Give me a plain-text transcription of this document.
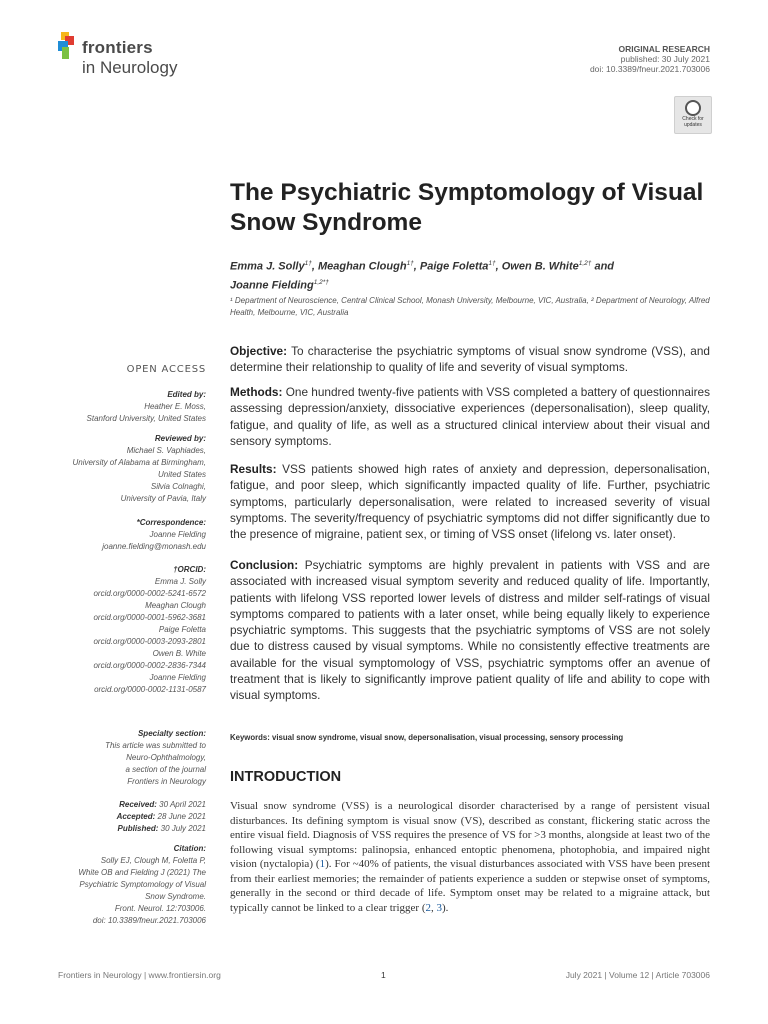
frontiers
in Neurology
ORIGINAL RESEARCH
published: 30 July 2021
doi: 10.3389/fneur.2021.703006
Check for
updates
The Psychiatric Symptomology of Visual Snow Syndrome
Emma J. Solly$^{1\dagger}$, Meaghan Clough$^{1\dagger}$, Paige Foletta$^{1\dagger}$, Owen B. White$^{1,2\dagger}$ and
Joanne Fielding$^{1,2*\dagger}$
¹ Department of Neuroscience, Central Clinical School, Monash University, Melbourne, VIC, Australia, ² Department of Neurology, Alfred Health, Melbourne, VIC, Australia
OPEN ACCESS
Edited by:
Heather E. Moss,
Stanford University, United States
Reviewed by:
Michael S. Vaphiades,
University of Alabama at Birmingham,
United States
Silvia Colnaghi,
University of Pavia, Italy
*Correspondence:
Joanne Fielding
joanne.fielding@monash.edu
†ORCID:
Emma J. Solly
orcid.org/0000-0002-5241-6572
Meaghan Clough
orcid.org/0000-0001-5962-3681
Paige Foletta
orcid.org/0000-0003-2093-2801
Owen B. White
orcid.org/0000-0002-2836-7344
Joanne Fielding
orcid.org/0000-0002-1131-0587
Specialty section:
This article was submitted to
Neuro-Ophthalmology,
a section of the journal
Frontiers in Neurology
Received: 30 April 2021
Accepted: 28 June 2021
Published: 30 July 2021
Citation:
Solly EJ, Clough M, Foletta P,
White OB and Fielding J (2021) The
Psychiatric Symptomology of Visual
Snow Syndrome.
Front. Neurol. 12:703006.
doi: 10.3389/fneur.2021.703006
Objective: To characterise the psychiatric symptoms of visual snow syndrome (VSS), and determine their relationship to quality of life and severity of visual symptoms.
Methods: One hundred twenty-five patients with VSS completed a battery of questionnaires assessing depression/anxiety, dissociative experiences (depersonalisation), sleep quality, fatigue, and quality of life, as well as a structured clinical interview about their visual and sensory symptoms.
Results: VSS patients showed high rates of anxiety and depression, depersonalisation, fatigue, and poor sleep, which significantly impacted quality of life. Further, psychiatric symptoms, particularly depersonalisation, were related to increased severity of visual symptoms. The severity/frequency of psychiatric symptoms did not differ significantly due to the presence of migraine, patient sex, or timing of VSS onset (lifelong vs. later onset).
Conclusion: Psychiatric symptoms are highly prevalent in patients with VSS and are associated with increased visual symptom severity and reduced quality of life. Importantly, patients with lifelong VSS reported lower levels of distress and milder self-ratings of visual symptoms compared to patients with a later onset, while being equally likely to experience psychiatric symptoms. This suggests that the psychiatric symptoms of VSS are not solely due to distress caused by visual symptoms. While no consistently effective treatments are available for the visual symptomology of VSS, psychiatric symptoms offer an avenue of treatment that is likely to significantly improve patient quality of life and ability to cope with visual symptoms.
Keywords: visual snow syndrome, visual snow, depersonalisation, visual processing, sensory processing
INTRODUCTION
Visual snow syndrome (VSS) is a neurological disorder characterised by a range of persistent visual disturbances. Its defining symptom is visual snow (VS), described as constant, flickering static across the entire visual field. Diagnosis of VSS requires the presence of VS for >3 months, alongside at least two of the following visual symptoms: palinopsia, enhanced entoptic phenomena, photophobia, and impaired night vision (nyctalopia) (1). For ~40% of patients, the visual disturbances associated with VSS have been present from their earliest memories; the remainder of patients experience a sudden or stepwise onset of symptoms, generally in the second or third decade of life. Symptom onset may be related to a migraine attack, but typically cannot be linked to a clear trigger (2, 3).
Frontiers in Neurology | www.frontiersin.org	1	July 2021 | Volume 12 | Article 703006
